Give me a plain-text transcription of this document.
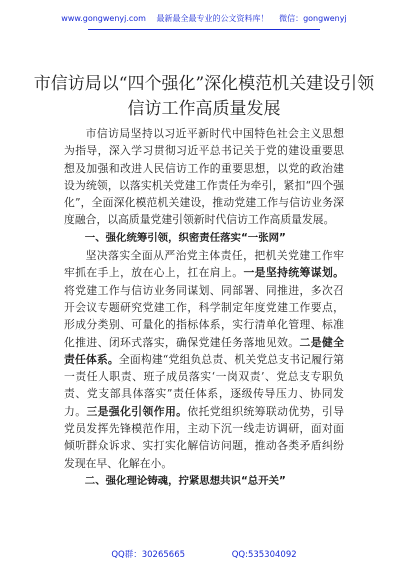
www.gongwenyj.com 最新最全最专业的公文资料库！ 微信：gongwenyj
市信访局以“四个强化”深化模范机关建设引领信访工作高质量发展

市信访局坚持以习近平新时代中国特色社会主义思想为指导，深入学习贯彻习近平总书记关于党的建设重要思想及加强和改进人民信访工作的重要思想，以党的政治建设为统领，以落实机关党建工作责任为牵引，紧扣“四个强化”，全面深化模范机关建设，推动党建工作与信访业务深度融合，以高质量党建引领新时代信访工作高质量发展。

一、强化统筹引领，织密责任落实“一张网”

坚决落实全面从严治党主体责任，把机关党建工作牢牢抓在手上，放在心上，扛在肩上。一是坚持统筹谋划。将党建工作与信访业务同谋划、同部署、同推进，多次召开会议专题研究党建工作，科学制定年度党建工作要点，形成分类别、可量化的指标体系，实行清单化管理、标准化推进、闭环式落实，确保党建任务落地见效。二是健全责任体系。全面构建“党组负总责、机关党总支书记履行第一责任人职责、班子成员落实‘一岗双责’、党总支专职负责、党支部具体落实”责任体系，逐级传导压力、协同发力。三是强化引领作用。依托党组织统筹联动优势，引导党员发挥先锋模范作用，主动下沉一线走访调研，面对面倾听群众诉求、实打实化解信访问题，推动各类矛盾纠纷发现在早、化解在小。

二、强化理论铸魂，拧紧思想共识“总开关”

QQ群：30265665	QQ:535304092
